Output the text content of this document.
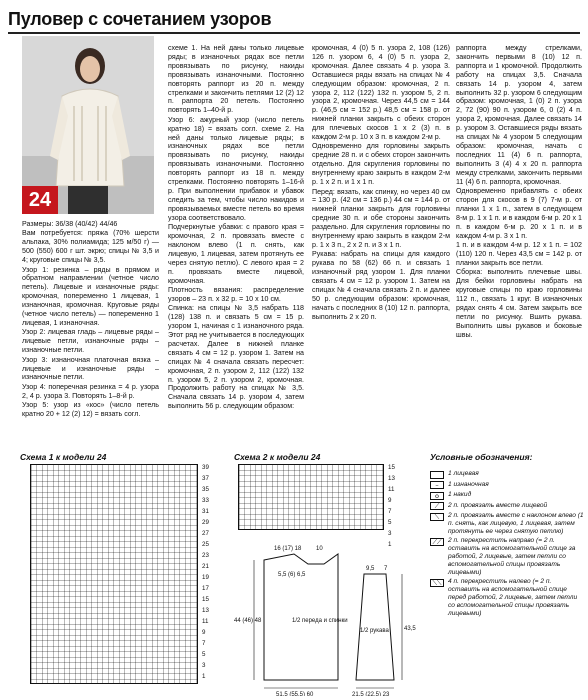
Пуловер с сочетанием узоров
24

Размеры: 36/38 (40/42) 44/46

Вам потребуется: пряжа (70% шерсти альпака, 30% полиамида; 125 м/50 г) — 500 (550) 600 г шт. экрю; спицы № 3,5 и 4; круговые спицы № 3,5.

Узор 1: резинка – ряды в прямом и обратном направлении (четное число петель). Лицевые и изнаночные ряды: кромочная, попеременно 1 лицевая, 1 изнаночная, кромочная. Круговые ряды (четное число петель) — попеременно 1 лицевая, 1 изнаночная.

Узор 2: лицевая гладь – лицевые ряды – лицевые петли, изнаночные ряды – изнаночные петли.

Узор 3: изнаночная платочная вязка – лицевые и изнаночные ряды – изнаночные петли.

Узор 4: поперечная резинка = 4 р. узора 2, 4 р. узора 3. Повторять 1–8-й р.

Узор 5: узор из «кос» (число петель кратно 20 + 12 (2) 12) = вязать согл.

схеме 1. На ней даны только лицевые ряды; в изнаночных рядах все петли провязывать по рисунку, накиды провязывать изнаночными. Постоянно повторять раппорт из 20 п. между стрелками и закончить петлями 12 (2) 12 п. раппорта 20 петель. Постоянно повторять 1–40-й р.

Узор 6: ажурный узор (число петель кратно 18) = вязать согл. схеме 2. На ней даны только лицевые ряды; в изнаночных рядах все петли провязывать по рисунку, накиды провязывать изнаночными. Постоянно повторять раппорт из 18 п. между стрелками. Постоянно повторять 1–16-й р. При выполнении прибавок и убавок следить за тем, чтобы число накидов и провязываемых вместе петель во время узора соответствовало.

Подчеркнутые убавки: с правого края = кромочная, 2 п. провязать вместе с наклоном влево (1 п. снять, как лицевую, 1 лицевая, затем протянуть ее через снятую петлю). С левого края = 2 п. провязать вместе лицевой, кромочная.

Плотность вязания: распределение узоров – 23 п. х 32 р. = 10 х 10 см.

Спинка: на спицы № 3,5 набрать 118 (128) 138 п. и связать 5 см = 15 р. узором 1, начиная с 1 изнаночного ряда. Этот ряд не учитывается в последующих расчетах. Далее в нижней планке связать 4 см = 12 р. узором 1. Затем на спицах № 4 сначала связать пересчет: кромочная, 2 п. узором 2, 112 (122) 132 п. узором 5, 2 п. узором 2, кромочная. Продолжить работу на спицах № 3,5. Сначала связать 14 р. узором 4, затем выполнить 56 р. следующим образом:

кромочная, 4 (0) 5 п. узора 2, 108 (126) 126 п. узором 6, 4 (0) 5 п. узора 2, кромочная. Далее связать 4 р. узора 3. Оставшиеся ряды вязать на спицах № 4 следующим образом: кромочная, 2 п. узора 2, 112 (122) 132 п. узором 5, 2 п. узора 2, кромочная. Через 44,5 см = 144 р. (46,5 см = 152 р.) 48,5 см = 158 р. от нижней планки закрыть с обеих сторон для плечевых скосов 1 х 2 (3) п. в каждом 2-м р. 10 х 3 п. в каждом 2-м р.

Одновременно для горловины закрыть средние 28 п. и с обеих сторон закончить отдельно. Для скругления горловины по внутреннему краю закрыть в каждом 2-м р. 1 х 2 п. и 1 х 1 п.

Перед: вязать, как спинку, но через 40 см = 130 р. (42 см = 136 р.) 44 см = 144 р. от нижней планки закрыть для горловины средние 30 п. и обе стороны закончить раздельно. Для скругления горловины по внутреннему краю закрыть в каждом 2-м р. 1 х 3 п., 2 х 2 п. и 3 х 1 п.

Рукава: набрать на спицы для каждого рукава по 58 (62) 66 п. и связать 1 изнаночный ряд узором 1. Для планки связать 4 см = 12 р. узором 1. Затем на спицах № 4 сначала связать 2 п. и далее 50 р. следующим образом: кромочная, начать с последних 8 (10) 12 п. раппорта, выполнить 2 х 20 п.

раппорта между стрелками, закончить первыми 8 (10) 12 п. раппорта и 1 кромочной. Продолжить работу на спицах 3,5. Сначала связать 14 р. узором 4, затем выполнить 32 р. узором 6 следующим образом: кромочная, 1 (0) 2 п. узора 2, 72 (90) 90 п. узором 6, 0 (2) 4 п. узора 2, кромочная. Далее связать 14 р. узором 3. Оставшиеся ряды вязать на спицах № 4 узором 5 следующим образом: кромочная, начать с последних 11 (4) 6 п. раппорта, выполнить 3 (4) 4 х 20 п. раппорта между стрелками, закончить первыми 11 (4) 6 п. раппорта, кромочная.

Одновременно прибавлять с обеих сторон для скосов в 9 (7) 7-м р. от планки 1 х 1 п., затем в следующем 8-м р. 1 х 1 п. и в каждом 6-м р. 20 х 1 п. в каждом 6-м р. 20 х 1 п. и в каждом 4-м р. 3 х 1 п.

1 п. и в каждом 4-м р. 12 х 1 п. = 102 (110) 120 п. Через 43,5 см = 142 р. от планки закрыть все петли.

Сборка: выполнить плечевые швы. Для бейки горловины набрать на круговые спицы по краю горловины 112 п., связать 1 круг. В изнаночных рядах снять 4 см. Затем закрыть все петли по рисунку. Вшить рукава. Выполнить швы рукавов и боковые швы.

Схема 1 к модели 24	Схема 2 к модели 24	Условные обозначения:
39
37
35
33
31
29
27
25
23
21
19
17
15
13
11
9
7
5
3
1
15
13
11
9
7
5
3
1
1 лицевая
–	1 изнаночная
o	1 накид
⟋	2 п. провязать вместе лицевой
⟍	2 п. провязать вместе с наклоном влево (1 п. снять, как лицевую, 1 лицевая, затем протянуть ее через снятую петлю)
⟋⟋ 2 п. перекрестить направо (= 2 п. оставить на вспомогательной спице за работой, 2 лицевые, затем петли со вспомогательной спицы провязать лицевыми)
⟍⟍ 4 п. перекрестить налево (= 2 п. оставить на вспомогательной спице перед работой, 2 лицевые, затем петли со вспомогательной спицы провязать лицевыми)
1/2 переда и спинки
1/2 рукава
16 (17) 18 10
44 (46) 48
5,5 (6) 6,5
51,5 (55,5) 60
43,5
9,5 7
21,5 (22,5) 23
